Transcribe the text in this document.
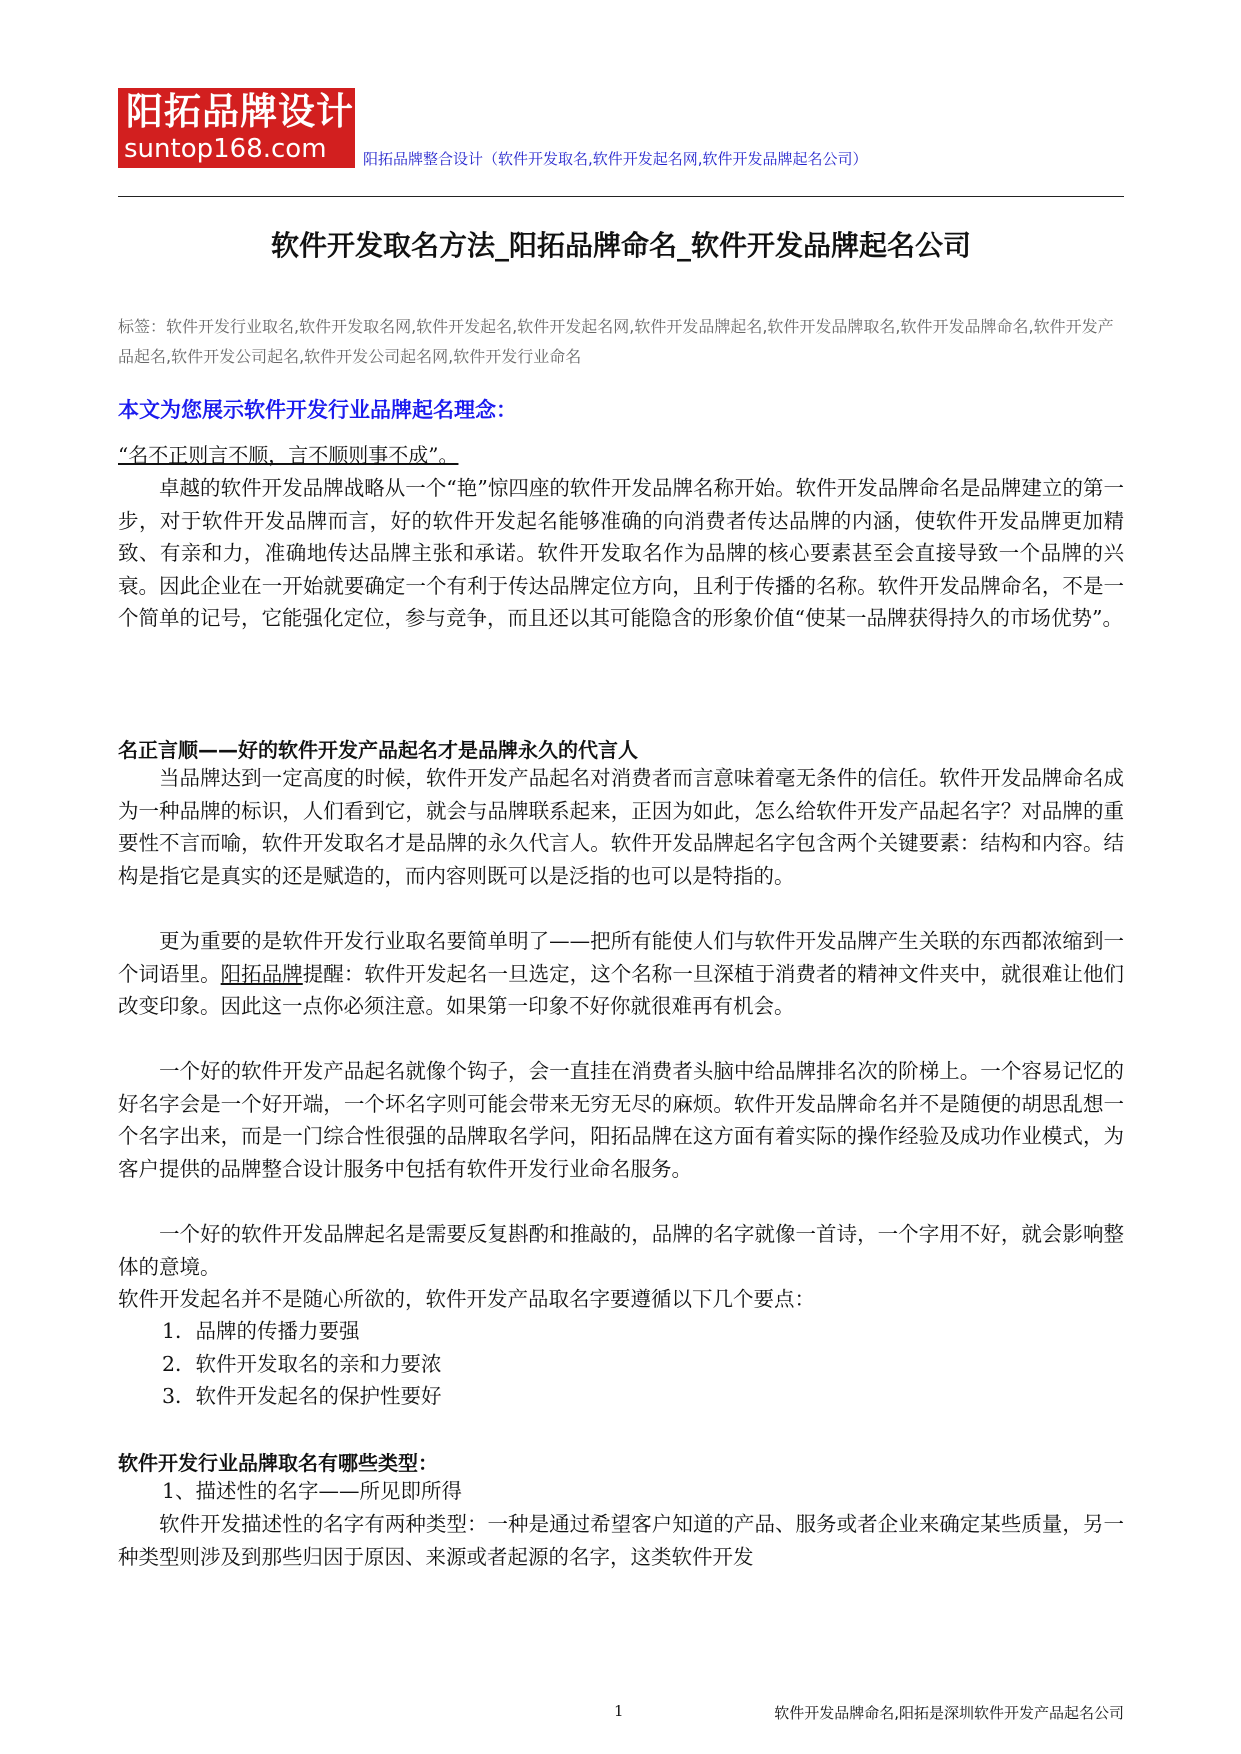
阳拓品牌设计
suntop168.com 阳拓品牌整合设计（软件开发取名,软件开发起名网,软件开发品牌起名公司）
软件开发取名方法_阳拓品牌命名_软件开发品牌起名公司
标签：软件开发行业取名,软件开发取名网,软件开发起名,软件开发起名网,软件开发品牌起名,软件开发品牌取名,软件开发品牌命名,软件开发产品起名,软件开发公司起名,软件开发公司起名网,软件开发行业命名
本文为您展示软件开发行业品牌起名理念：
“名不正则言不顺，言不顺则事不成”。

卓越的软件开发品牌战略从一个“艳”惊四座的软件开发品牌名称开始。软件开发品牌命名是品牌建立的第一步，对于软件开发品牌而言，好的软件开发起名能够准确的向消费者传达品牌的内涵，使软件开发品牌更加精致、有亲和力，准确地传达品牌主张和承诺。软件开发取名作为品牌的核心要素甚至会直接导致一个品牌的兴衰。因此企业在一开始就要确定一个有利于传达品牌定位方向，且利于传播的名称。软件开发品牌命名，不是一个简单的记号，它能强化定位，参与竞争，而且还以其可能隐含的形象价值“使某一品牌获得持久的市场优势”。

名正言顺——好的软件开发产品起名才是品牌永久的代言人

当品牌达到一定高度的时候，软件开发产品起名对消费者而言意味着毫无条件的信任。软件开发品牌命名成为一种品牌的标识，人们看到它，就会与品牌联系起来，正因为如此，怎么给软件开发产品起名字？对品牌的重要性不言而喻，软件开发取名才是品牌的永久代言人。软件开发品牌起名字包含两个关键要素：结构和内容。结构是指它是真实的还是赋造的，而内容则既可以是泛指的也可以是特指的。

更为重要的是软件开发行业取名要简单明了——把所有能使人们与软件开发品牌产生关联的东西都浓缩到一个词语里。阳拓品牌提醒：软件开发起名一旦选定，这个名称一旦深植于消费者的精神文件夹中，就很难让他们改变印象。因此这一点你必须注意。如果第一印象不好你就很难再有机会。

一个好的软件开发产品起名就像个钩子，会一直挂在消费者头脑中给品牌排名次的阶梯上。一个容易记忆的好名字会是一个好开端，一个坏名字则可能会带来无穷无尽的麻烦。软件开发品牌命名并不是随便的胡思乱想一个名字出来，而是一门综合性很强的品牌取名学问，阳拓品牌在这方面有着实际的操作经验及成功作业模式，为客户提供的品牌整合设计服务中包括有软件开发行业命名服务。

一个好的软件开发品牌起名是需要反复斟酌和推敲的，品牌的名字就像一首诗，一个字用不好，就会影响整体的意境。

软件开发起名并不是随心所欲的，软件开发产品取名字要遵循以下几个要点：

1．品牌的传播力要强
2．软件开发取名的亲和力要浓
3．软件开发起名的保护性要好
软件开发行业品牌取名有哪些类型：
1、描述性的名字——所见即所得

软件开发描述性的名字有两种类型：一种是通过希望客户知道的产品、服务或者企业来确定某些质量，另一种类型则涉及到那些归因于原因、来源或者起源的名字，这类软件开发

1	软件开发品牌命名,阳拓是深圳软件开发产品起名公司
